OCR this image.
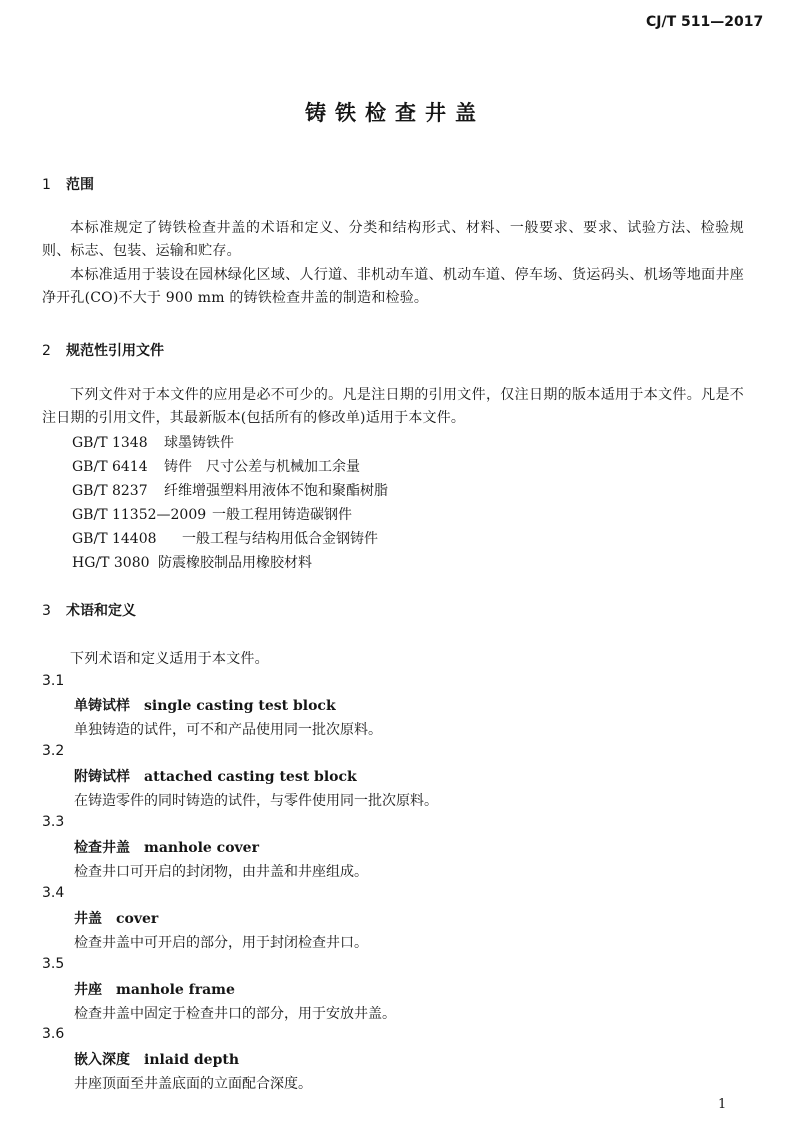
CJ/T 511—2017
铸铁检查井盖
1 范围
本标准规定了铸铁检查井盖的术语和定义、分类和结构形式、材料、一般要求、要求、试验方法、检验规则、标志、包装、运输和贮存。
本标准适用于装设在园林绿化区域、人行道、非机动车道、机动车道、停车场、货运码头、机场等地面井座净开孔(CO)不大于 900 mm 的铸铁检查井盖的制造和检验。
2 规范性引用文件
下列文件对于本文件的应用是必不可少的。凡是注日期的引用文件，仅注日期的版本适用于本文件。凡是不注日期的引用文件，其最新版本(包括所有的修改单)适用于本文件。
GB/T 1348 球墨铸铁件
GB/T 6414 铸件　尺寸公差与机械加工余量
GB/T 8237 纤维增强塑料用液体不饱和聚酯树脂
GB/T 11352—2009 一般工程用铸造碳钢件
GB/T 14408 一般工程与结构用低合金钢铸件
HG/T 3080 防震橡胶制品用橡胶材料
3 术语和定义
下列术语和定义适用于本文件。
3.1
单铸试样 single casting test block
单独铸造的试件，可不和产品使用同一批次原料。
3.2
附铸试样 attached casting test block
在铸造零件的同时铸造的试件，与零件使用同一批次原料。
3.3
检查井盖 manhole cover
检查井口可开启的封闭物，由井盖和井座组成。
3.4
井盖 cover
检查井盖中可开启的部分，用于封闭检查井口。
3.5
井座 manhole frame
检查井盖中固定于检查井口的部分，用于安放井盖。
3.6
嵌入深度 inlaid depth
井座顶面至井盖底面的立面配合深度。
1
